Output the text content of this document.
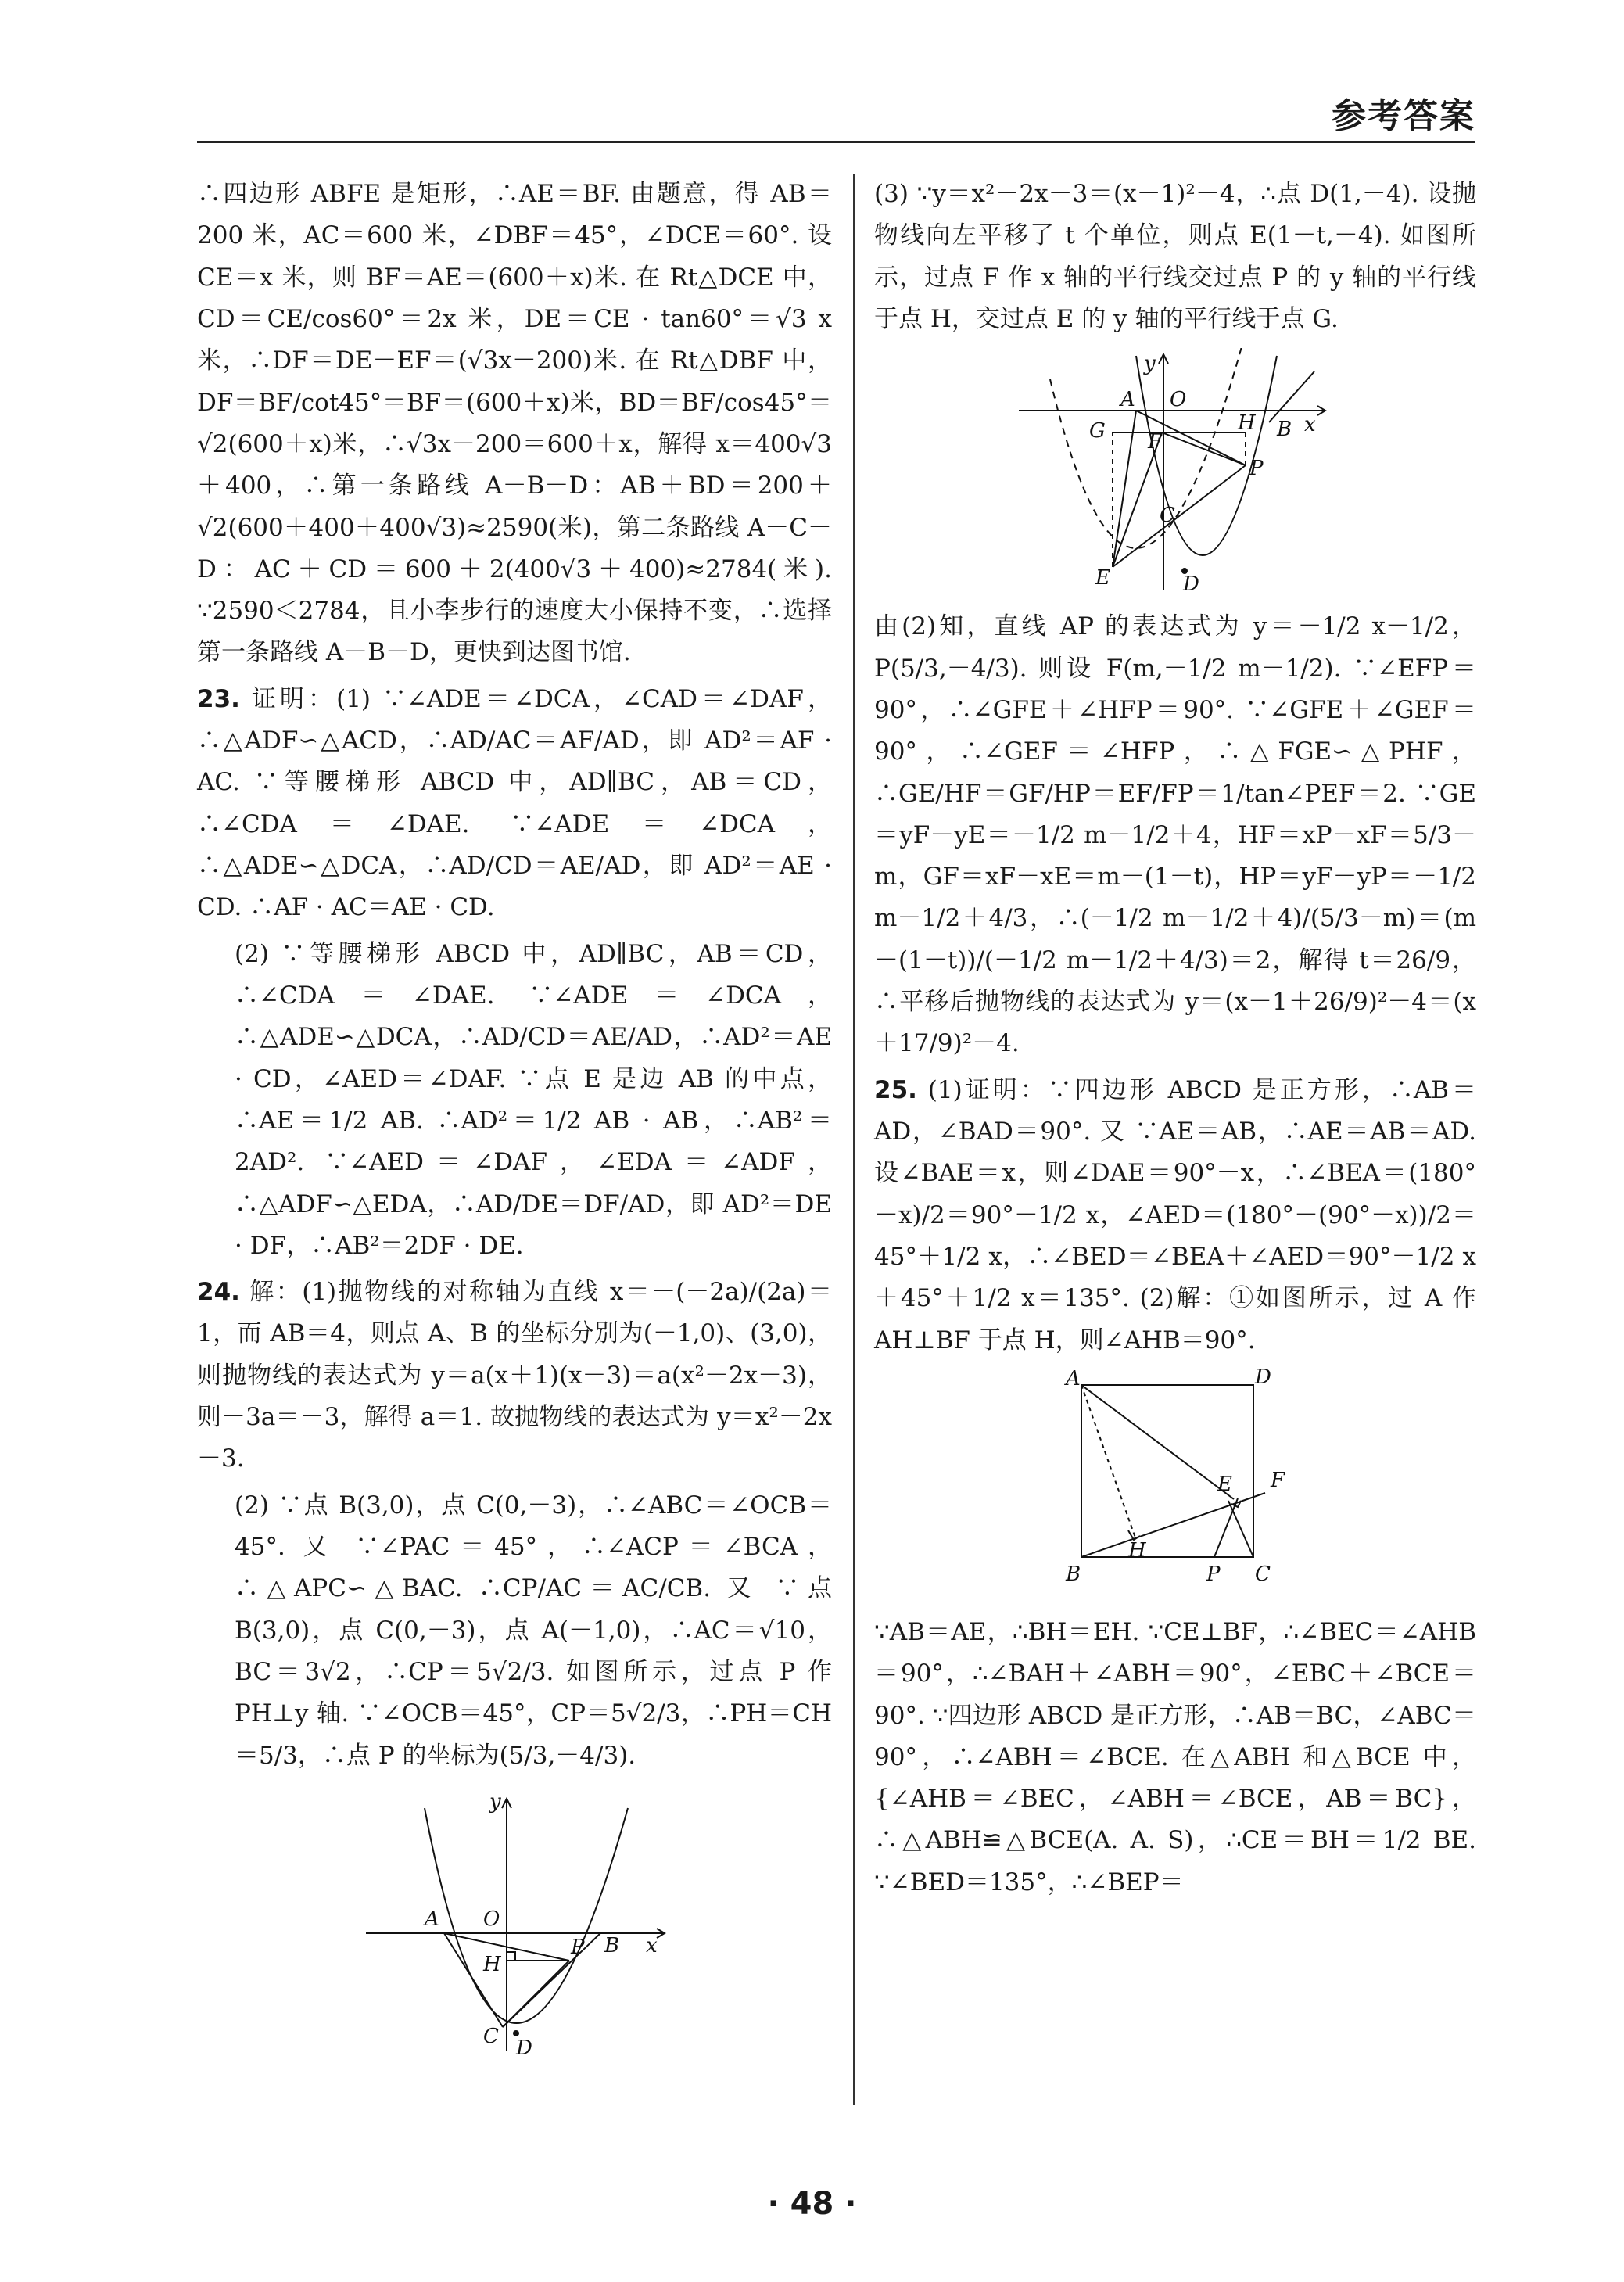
参考答案

∴四边形 ABFE 是矩形，∴AE＝BF. 由题意，得 AB＝200 米，AC＝600 米，∠DBF＝45°，∠DCE＝60°. 设 CE＝x 米，则 BF＝AE＝(600＋x)米. 在 Rt△DCE 中，CD＝CE/cos60°＝2x 米，DE＝CE · tan60°＝√3 x 米，∴DF＝DE－EF＝(√3x－200)米. 在 Rt△DBF 中，DF＝BF/cot45°＝BF＝(600＋x)米，BD＝BF/cos45°＝√2(600＋x)米，∴√3x－200＝600＋x，解得 x＝400√3＋400，∴第一条路线 A－B－D：AB＋BD＝200＋√2(600＋400＋400√3)≈2590(米)，第二条路线 A－C－D：AC＋CD＝600＋2(400√3＋400)≈2784(米). ∵2590＜2784，且小李步行的速度大小保持不变，∴选择第一条路线 A－B－D，更快到达图书馆.

23. 证明：(1) ∵∠ADE＝∠DCA，∠CAD＝∠DAF，∴△ADF∽△ACD，∴AD/AC＝AF/AD，即 AD²＝AF · AC. ∵等腰梯形 ABCD 中，AD∥BC，AB＝CD，∴∠CDA＝∠DAE. ∵∠ADE＝∠DCA，∴△ADE∽△DCA，∴AD/CD＝AE/AD，即 AD²＝AE · CD. ∴AF · AC＝AE · CD.

(2) ∵等腰梯形 ABCD 中，AD∥BC，AB＝CD，∴∠CDA＝∠DAE. ∵∠ADE＝∠DCA，∴△ADE∽△DCA，∴AD/CD＝AE/AD，∴AD²＝AE · CD，∠AED＝∠DAF. ∵点 E 是边 AB 的中点，∴AE＝1/2 AB. ∴AD²＝1/2 AB · AB，∴AB²＝2AD². ∵∠AED＝∠DAF，∠EDA＝∠ADF，∴△ADF∽△EDA，∴AD/DE＝DF/AD，即 AD²＝DE · DF，∴AB²＝2DF · DE.

24. 解：(1)抛物线的对称轴为直线 x＝－(－2a)/(2a)＝1，而 AB＝4，则点 A、B 的坐标分别为(－1,0)、(3,0)，则抛物线的表达式为 y＝a(x＋1)(x－3)＝a(x²－2x－3)，则－3a＝－3，解得 a＝1. 故抛物线的表达式为 y＝x²－2x－3.

(2) ∵点 B(3,0)，点 C(0,－3)，∴∠ABC＝∠OCB＝45°. 又 ∵∠PAC＝45°，∴∠ACP＝∠BCA，∴△APC∽△BAC. ∴CP/AC＝AC/CB. 又 ∵点 B(3,0)，点 C(0,－3)，点 A(－1,0)，∴AC＝√10，BC＝3√2，∴CP＝5√2/3. 如图所示，过点 P 作 PH⊥y 轴. ∵∠OCB＝45°，CP＝5√2/3，∴PH＝CH＝5/3，∴点 P 的坐标为(5/3,－4/3).

y
O
A
B x
H
P
C D

(3) ∵y＝x²－2x－3＝(x－1)²－4，∴点 D(1,－4). 设抛物线向左平移了 t 个单位，则点 E(1－t,－4). 如图所示，过点 F 作 x 轴的平行线交过点 P 的 y 轴的平行线于点 H，交过点 E 的 y 轴的平行线于点 G.

y
A O
G F
H B x
P
C
E	D

由(2)知，直线 AP 的表达式为 y＝－1/2 x－1/2，P(5/3,－4/3). 则设 F(m,－1/2 m－1/2). ∵∠EFP＝90°，∴∠GFE＋∠HFP＝90°. ∵∠GFE＋∠GEF＝90°，∴∠GEF＝∠HFP，∴△FGE∽△PHF，∴GE/HF＝GF/HP＝EF/FP＝1/tan∠PEF＝2. ∵GE＝yF－yE＝－1/2 m－1/2＋4，HF＝xP－xF＝5/3－m，GF＝xF－xE＝m－(1－t)，HP＝yF－yP＝－1/2 m－1/2＋4/3，∴(－1/2 m－1/2＋4)/(5/3－m)＝(m－(1－t))/(－1/2 m－1/2＋4/3)＝2，解得 t＝26/9，∴平移后抛物线的表达式为 y＝(x－1＋26/9)²－4＝(x＋17/9)²－4.

25. (1)证明：∵四边形 ABCD 是正方形，∴AB＝AD，∠BAD＝90°. 又 ∵AE＝AB，∴AE＝AB＝AD. 设∠BAE＝x，则∠DAE＝90°－x，∴∠BEA＝(180°－x)/2＝90°－1/2 x，∠AED＝(180°－(90°－x))/2＝45°＋1/2 x，∴∠BED＝∠BEA＋∠AED＝90°－1/2 x＋45°＋1/2 x＝135°. (2)解：①如图所示，过 A 作 AH⊥BF 于点 H，则∠AHB＝90°.

A	D
E F
H
B	P C

∵AB＝AE，∴BH＝EH. ∵CE⊥BF，∴∠BEC＝∠AHB＝90°，∴∠BAH＋∠ABH＝90°，∠EBC＋∠BCE＝90°. ∵四边形 ABCD 是正方形，∴AB＝BC，∠ABC＝90°，∴∠ABH＝∠BCE. 在△ABH 和△BCE 中，{∠AHB＝∠BEC，∠ABH＝∠BCE，AB＝BC}，∴△ABH≌△BCE(A. A. S)，∴CE＝BH＝1/2 BE. ∵∠BED＝135°，∴∠BEP＝

· 48 ·
